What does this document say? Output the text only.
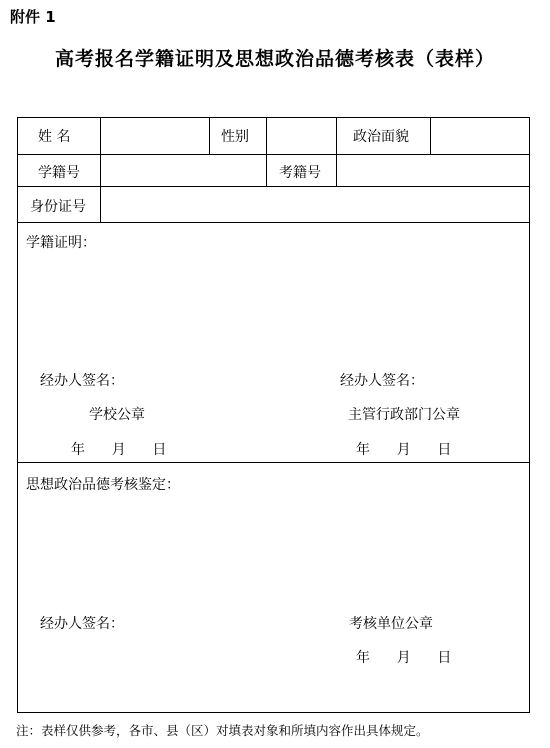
附件 1
高考报名学籍证明及思想政治品德考核表（表样）
姓 名	性别	政治面貌
学籍号	考籍号
身份证号
学籍证明：
经办人签名：	经办人签名：
学校公章	主管行政部门公章
年      月      日	年      月      日
思想政治品德考核鉴定：
经办人签名：	考核单位公章
年      月      日
注：表样仅供参考，各市、县（区）对填表对象和所填内容作出具体规定。
